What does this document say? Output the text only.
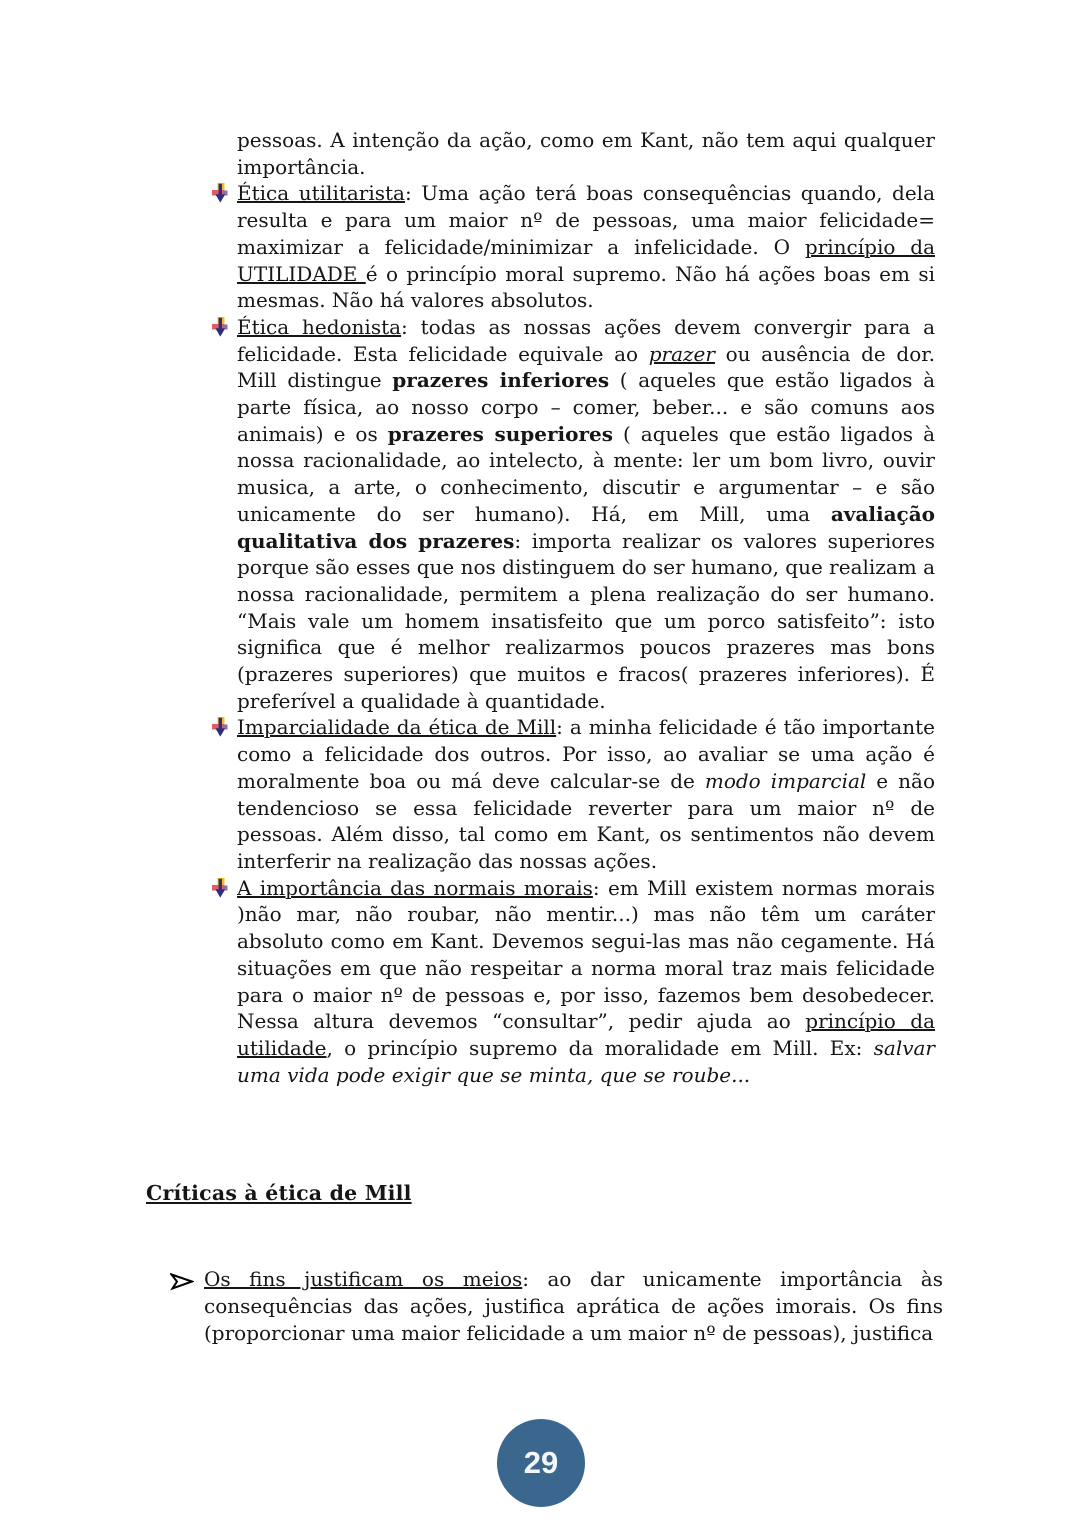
pessoas. A intenção da ação, como em Kant, não tem aqui qualquer importância.

Ética utilitarista: Uma ação terá boas consequências quando, dela resulta e para um maior nº de pessoas, uma maior felicidade= maximizar a felicidade/minimizar a infelicidade. O princípio da UTILIDADE é o princípio moral supremo. Não há ações boas em si mesmas. Não há valores absolutos.
Ética hedonista: todas as nossas ações devem convergir para a felicidade. Esta felicidade equivale ao prazer ou ausência de dor. Mill distingue prazeres inferiores ( aqueles que estão ligados à parte física, ao nosso corpo – comer, beber... e são comuns aos animais) e os prazeres superiores ( aqueles que estão ligados à nossa racionalidade, ao intelecto, à mente: ler um bom livro, ouvir musica, a arte, o conhecimento, discutir e argumentar – e são unicamente do ser humano). Há, em Mill, uma avaliação qualitativa dos prazeres: importa realizar os valores superiores porque são esses que nos distinguem do ser humano, que realizam a nossa racionalidade, permitem a plena realização do ser humano. “Mais vale um homem insatisfeito que um porco satisfeito”: isto significa que é melhor realizarmos poucos prazeres mas bons (prazeres superiores) que muitos e fracos( prazeres inferiores). É preferível a qualidade à quantidade.
Imparcialidade da ética de Mill: a minha felicidade é tão importante como a felicidade dos outros. Por isso, ao avaliar se uma ação é moralmente boa ou má deve calcular-se de modo imparcial e não tendencioso se essa felicidade reverter para um maior nº de pessoas. Além disso, tal como em Kant, os sentimentos não devem interferir na realização das nossas ações.
A importância das normais morais: em Mill existem normas morais )não mar, não roubar, não mentir...) mas não têm um caráter absoluto como em Kant. Devemos segui-las mas não cegamente. Há situações em que não respeitar a norma moral traz mais felicidade para o maior nº de pessoas e, por isso, fazemos bem desobedecer. Nessa altura devemos “consultar”, pedir ajuda ao princípio da utilidade, o princípio supremo da moralidade em Mill. Ex: salvar uma vida pode exigir que se minta, que se roube...
Críticas à ética de Mill
Os fins justificam os meios: ao dar unicamente importância às consequências das ações, justifica aprática de ações imorais. Os fins (proporcionar uma maior felicidade a um maior nº de pessoas), justifica
29
